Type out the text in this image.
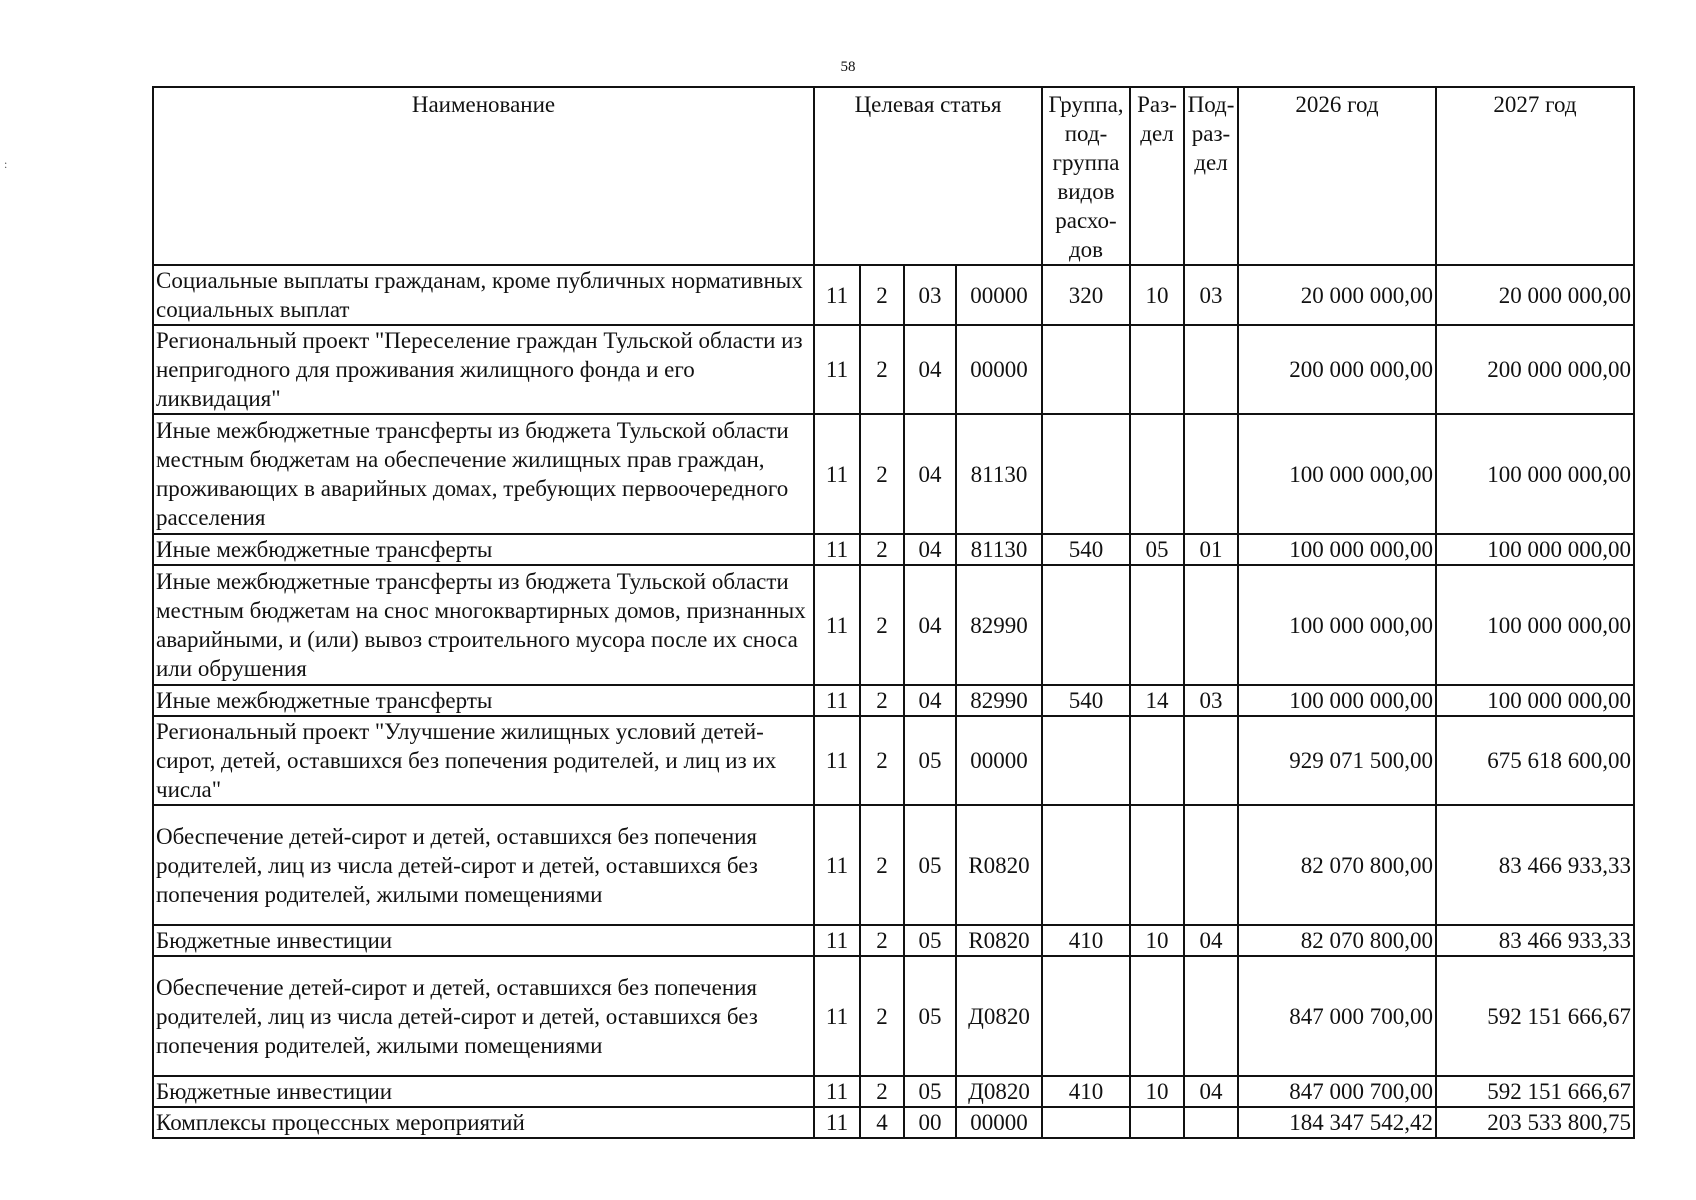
58
:
Наименование	Целевая статья				Группа, под- группа видов расхо- дов	Раз- дел	Под- раз- дел	2026 год	2027 год
Социальные выплаты гражданам, кроме публичных нормативных социальных выплат	11	2	03	00000	320	10	03	20 000 000,00	20 000 000,00
Региональный проект "Переселение граждан Тульской области из непригодного для проживания жилищного фонда и его ликвидация"	11	2	04	00000				200 000 000,00	200 000 000,00
Иные межбюджетные трансферты из бюджета Тульской области местным бюджетам на обеспечение жилищных прав граждан, проживающих в аварийных домах, требующих первоочередного расселения	11	2	04	81130				100 000 000,00	100 000 000,00
Иные межбюджетные трансферты	11	2	04	81130	540	05	01	100 000 000,00	100 000 000,00
Иные межбюджетные трансферты из бюджета Тульской области местным бюджетам на снос многоквартирных домов, признанных аварийными, и (или) вывоз строительного мусора после их сноса или обрушения	11	2	04	82990				100 000 000,00	100 000 000,00
Иные межбюджетные трансферты	11	2	04	82990	540	14	03	100 000 000,00	100 000 000,00
Региональный проект "Улучшение жилищных условий детей-сирот, детей, оставшихся без попечения родителей, и лиц из их числа"	11	2	05	00000				929 071 500,00	675 618 600,00
Обеспечение детей-сирот и детей, оставшихся без попечения родителей, лиц из числа детей-сирот и детей, оставшихся без попечения родителей, жилыми помещениями	11	2	05	R0820				82 070 800,00	83 466 933,33
Бюджетные инвестиции	11	2	05	R0820	410	10	04	82 070 800,00	83 466 933,33
Обеспечение детей-сирот и детей, оставшихся без попечения родителей, лиц из числа детей-сирот и детей, оставшихся без попечения родителей, жилыми помещениями	11	2	05	Д0820				847 000 700,00	592 151 666,67
Бюджетные инвестиции	11	2	05	Д0820	410	10	04	847 000 700,00	592 151 666,67
Комплексы процессных мероприятий	11	4	00	00000				184 347 542,42	203 533 800,75
